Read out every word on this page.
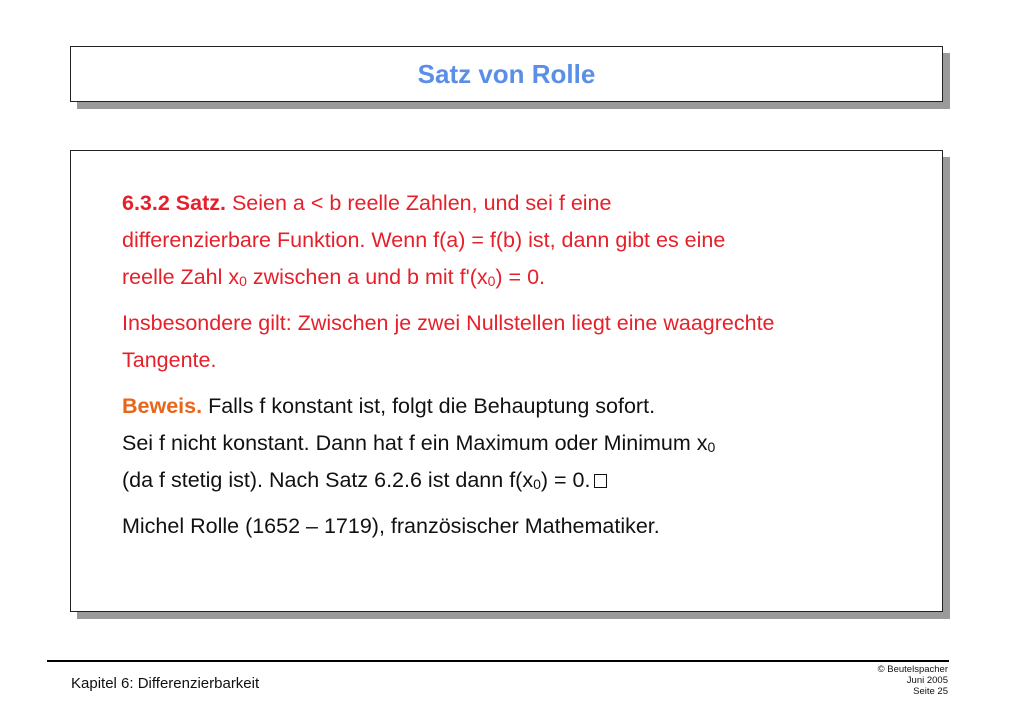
Satz von Rolle

6.3.2 Satz. Seien a < b reelle Zahlen, und sei f eine

differenzierbare Funktion. Wenn f(a) = f(b) ist, dann gibt es eine

reelle Zahl $x_0$ zwischen a und b mit $f'(x_0) = 0$.

Insbesondere gilt: Zwischen je zwei Nullstellen liegt eine waagrechte

Tangente.

Beweis. Falls f konstant ist, folgt die Behauptung sofort.

Sei f nicht konstant. Dann hat f ein Maximum oder Minimum $x_0$

(da f stetig ist). Nach Satz 6.2.6 ist dann $f(x_0) = 0$.

Michel Rolle (1652 – 1719), französischer Mathematiker.

Kapitel 6: Differenzierbarkeit
© Beutelspacher
Juni 2005
Seite 25
